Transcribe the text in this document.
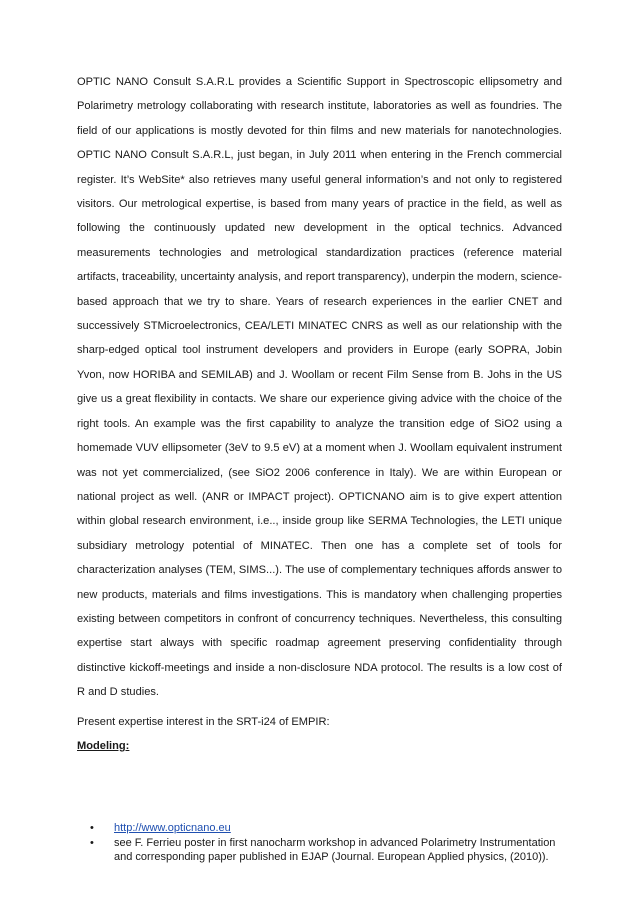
OPTIC NANO Consult S.A.R.L provides a Scientific Support in Spectroscopic ellipsometry and Polarimetry metrology collaborating with research institute, laboratories as well as foundries. The field of our applications is mostly devoted for thin films and new materials for nanotechnologies. OPTIC NANO Consult S.A.R.L, just began, in July 2011 when entering in the French commercial register. It’s WebSite* also retrieves many useful general information’s and not only to registered visitors. Our metrological expertise, is based from many years of practice in the field, as well as following the continuously updated new development in the optical technics. Advanced measurements technologies and metrological standardization practices (reference material artifacts, traceability, uncertainty analysis, and report transparency), underpin the modern, science-based approach that we try to share. Years of research experiences in the earlier CNET and successively STMicroelectronics, CEA/LETI MINATEC CNRS as well as our relationship with the sharp-edged optical tool instrument developers and providers in Europe (early SOPRA, Jobin Yvon, now HORIBA and SEMILAB) and J. Woollam or recent Film Sense from B. Johs in the US give us a great flexibility in contacts. We share our experience giving advice with the choice of the right tools. An example was the first capability to analyze the transition edge of SiO2 using a homemade VUV ellipsometer (3eV to 9.5 eV) at a moment when J. Woollam equivalent instrument was not yet commercialized, (see SiO2 2006 conference in Italy). We are within European or national project as well. (ANR or IMPACT project). OPTICNANO aim is to give expert attention within global research environment, i.e.., inside group like SERMA Technologies, the LETI unique subsidiary metrology potential of MINATEC. Then one has a complete set of tools for characterization analyses (TEM, SIMS...). The use of complementary techniques affords answer to new products, materials and films investigations. This is mandatory when challenging properties existing between competitors in confront of concurrency techniques. Nevertheless, this consulting expertise start always with specific roadmap agreement preserving confidentiality through distinctive kickoff-meetings and inside a non-disclosure NDA protocol. The results is a low cost of R and D studies.

Present expertise interest in the SRT-i24 of EMPIR:

Modeling:

•	http://www.opticnano.eu
•	see F. Ferrieu poster in first nanocharm workshop in advanced Polarimetry Instrumentation and corresponding paper published in EJAP (Journal. European Applied physics, (2010)).
